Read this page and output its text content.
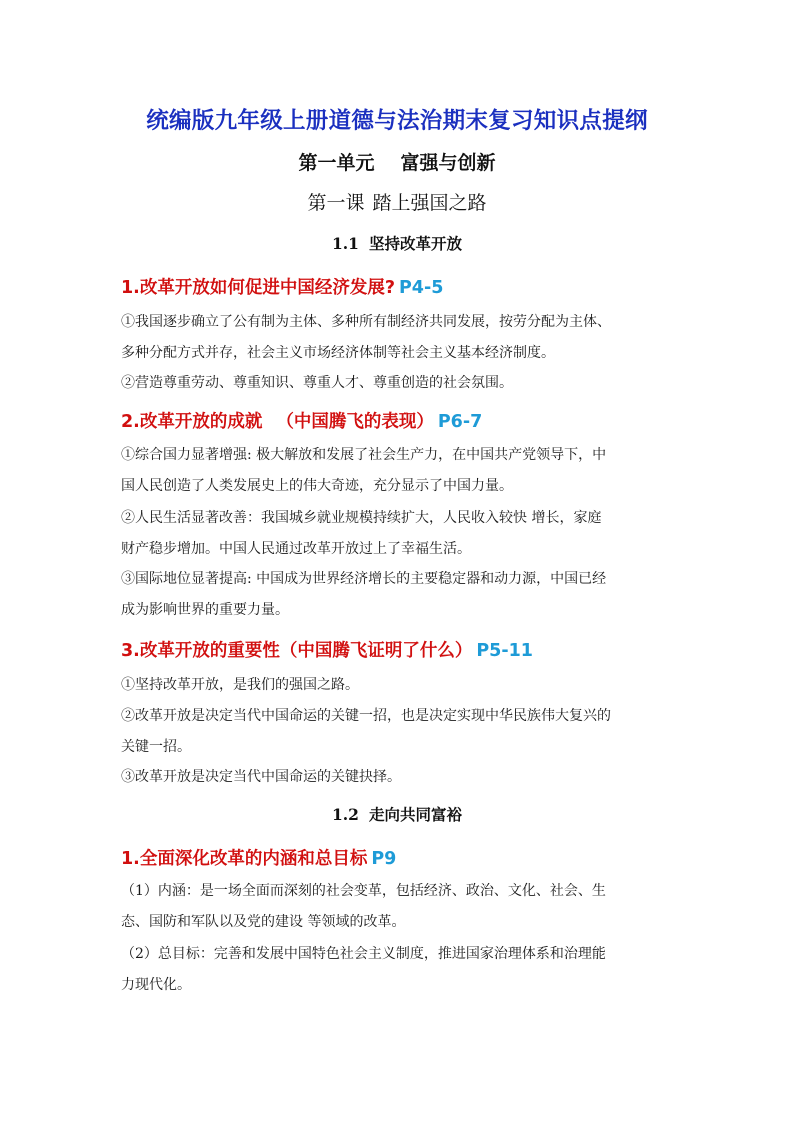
统编版九年级上册道德与法治期末复习知识点提纲
第一单元 富强与创新
第一课 踏上强国之路
1.1 坚持改革开放
1.改革开放如何促进中国经济发展? P4-5
①我国逐步确立了公有制为主体、多种所有制经济共同发展，按劳分配为主体、
多种分配方式并存，社会主义市场经济体制等社会主义基本经济制度。
②营造尊重劳动、尊重知识、尊重人才、尊重创造的社会氛围。
2.改革开放的成就 （中国腾飞的表现） P6-7
①综合国力显著增强: 极大解放和发展了社会生产力，在中国共产党领导下，中
国人民创造了人类发展史上的伟大奇迹，充分显示了中国力量。
②人民生活显著改善：我国城乡就业规模持续扩大，人民收入较快 增长，家庭
财产稳步增加。中国人民通过改革开放过上了幸福生活。
③国际地位显著提高: 中国成为世界经济增长的主要稳定器和动力源，中国已经
成为影响世界的重要力量。
3.改革开放的重要性（中国腾飞证明了什么） P5-11
①坚持改革开放，是我们的强国之路。
②改革开放是决定当代中国命运的关键一招，也是决定实现中华民族伟大复兴的
关键一招。
③改革开放是决定当代中国命运的关键抉择。
1.2 走向共同富裕
1.全面深化改革的内涵和总目标 P9
（1）内涵：是一场全面而深刻的社会变革，包括经济、政治、文化、社会、生
态、国防和军队以及党的建设 等领域的改革。
（2）总目标：完善和发展中国特色社会主义制度，推进国家治理体系和治理能
力现代化。
